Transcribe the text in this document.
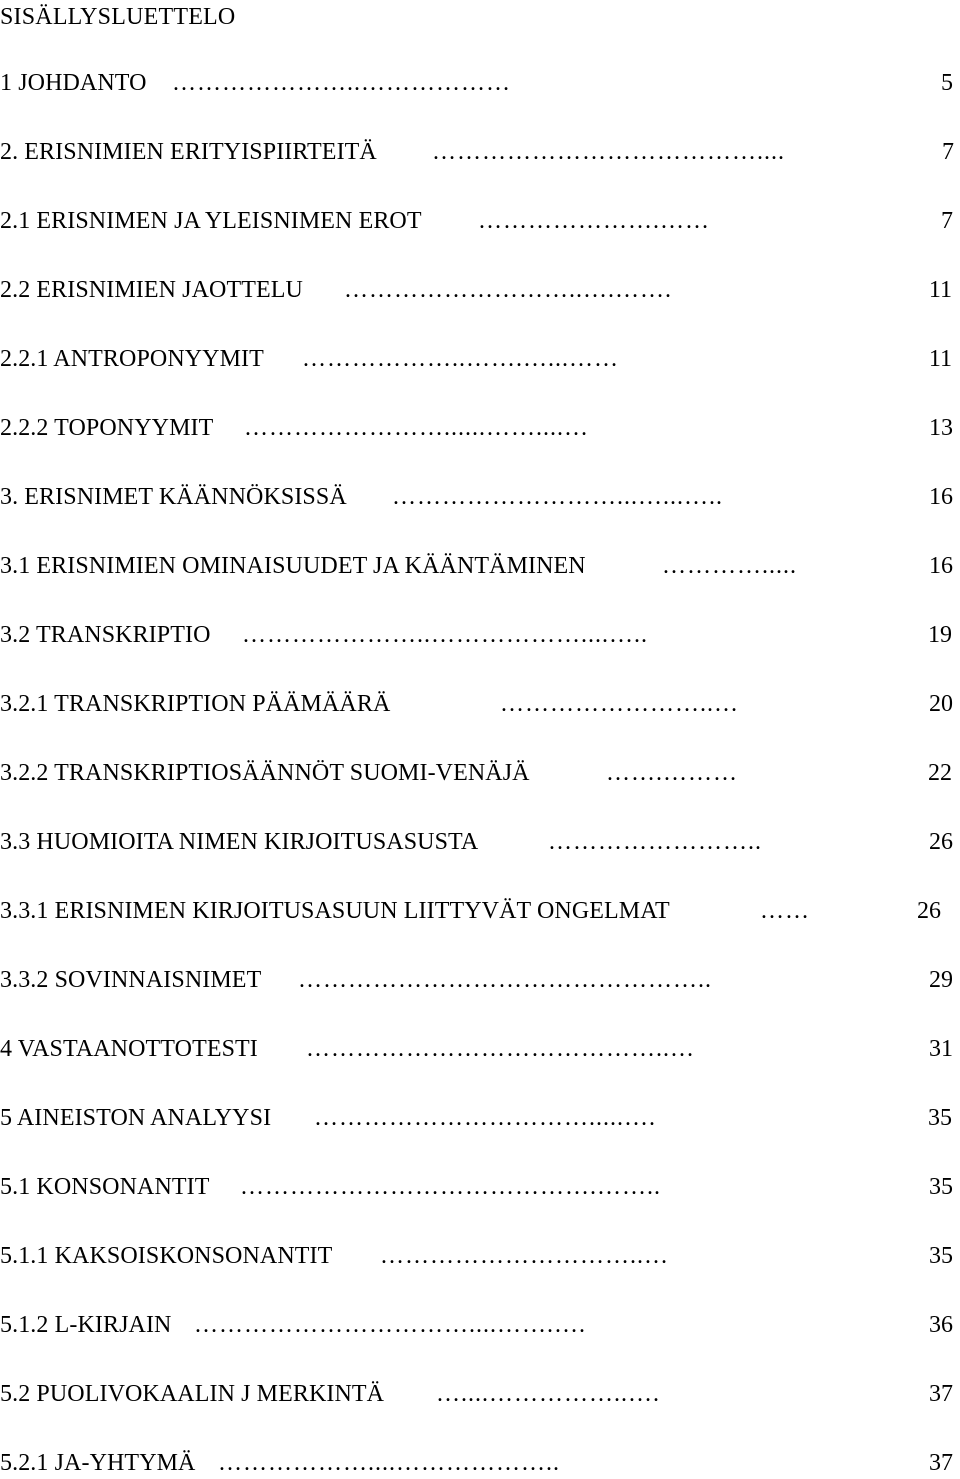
SISÄLLYSLUETTELO
1 JOHDANTO …………………..………………	5
2. ERISNIMIEN ERITYISPIIRTEITÄ …………………………………....	7
2.1 ERISNIMEN JA YLEISNIMEN EROT ………………….……	7
2.2 ERISNIMIEN JAOTTELU ………………………..….…….	11
2.2.1 ANTROPONYYMIT ………………..…….…...……	11
2.2.2 TOPONYYMIT ……………………......……....…	13
3. ERISNIMET KÄÄNNÖKSISSÄ ………………………...…...…..	16
3.1 ERISNIMIEN OMINAISUUDET JA KÄÄNTÄMINEN	………….....	16
3.2 TRANSKRIPTIO …………………..………………....…..	19
3.2.1 TRANSKRIPTION PÄÄMÄÄRÄ	……………………..…	20
3.2.2 TRANSKRIPTIOSÄÄNNÖT SUOMI-VENÄJÄ	…….………	22
3.3 HUOMIOITA NIMEN KIRJOITUSASUSTA	……………………..	26
3.3.1 ERISNIMEN KIRJOITUSASUUN LIITTYVÄT ONGELMAT	……	26
3.3.2 SOVINNAISNIMET …………………………………………..	29
4 VASTAANOTTOTESTI ……………………………………..…	31
5 AINEISTON ANALYYSI …………………………….....….	35
5.1 KONSONANTIT …………………………………….……..	35
5.1.1 KAKSOISKONSONANTIT …………………………..…	35
5.1.2 L-KIRJAIN ……………………………....…….….	36
5.2 PUOLIVOKAALIN J MERKINTÄ …....……………..….	37
5.2.1 JA-YHTYMÄ ………………....………………..	37
